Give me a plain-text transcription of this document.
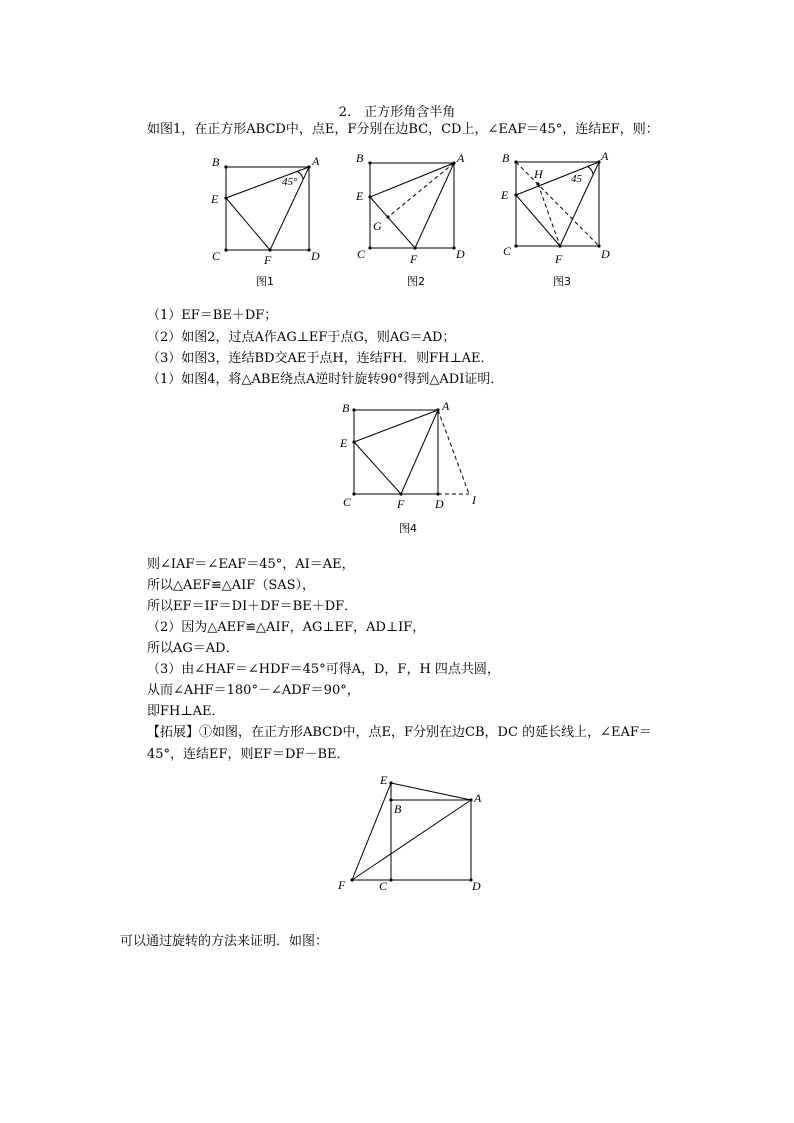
2． 正方形角含半角
如图1，在正方形ABCD中，点E，F分别在边BC，CD上，∠EAF＝45°，连结EF，则：
B	A
E
C	D
F
45°
图1
B	A
E
G
C	D
F
图2
B	A
H
E
C	D
F
45
图3
（1）EF＝BE＋DF；
（2）如图2，过点A作AG⊥EF于点G，则AG＝AD；
（3）如图3，连结BD交AE于点H，连结FH．则FH⊥AE．
（1）如图4，将△ABE绕点A逆时针旋转90°得到△ADI证明．
B	A
E
C	D
F	I
图4
则∠IAF＝∠EAF＝45°，AI＝AE，
所以△AEF≌△AIF（SAS），
所以EF＝IF＝DI＋DF＝BE＋DF．
（2）因为△AEF≌△AIF，AG⊥EF，AD⊥IF，
所以AG＝AD．
（3）由∠HAF＝∠HDF＝45°可得A，D，F，H 四点共圆，
从而∠AHF＝180°－∠ADF＝90°，
即FH⊥AE．
【拓展】①如图，在正方形ABCD中，点E，F分别在边CB，DC 的延长线上，∠EAF＝
45°，连结EF，则EF＝DF－BE．
E
B
A
F	C	D
可以通过旋转的方法来证明．如图：
